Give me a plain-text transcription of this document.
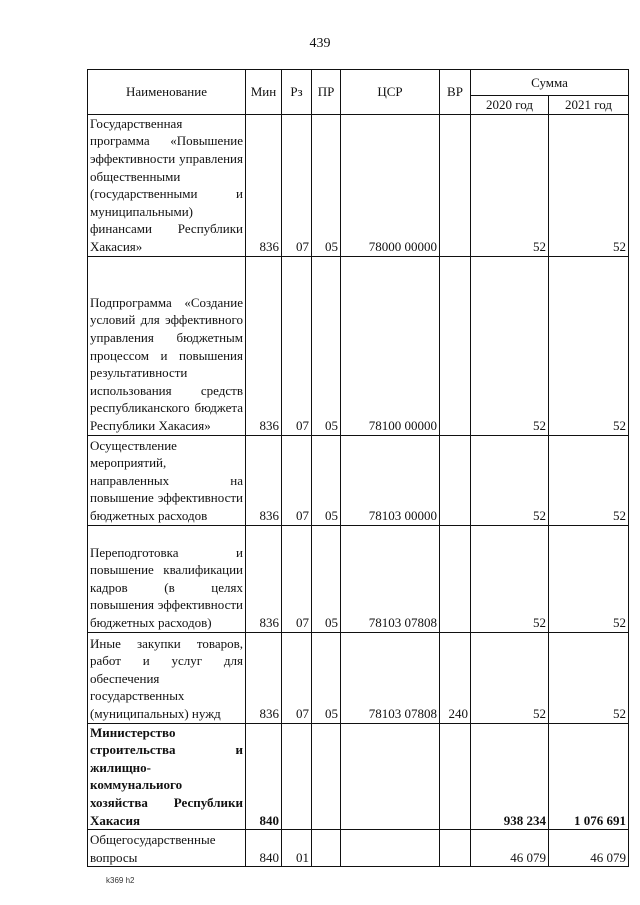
439
Наименование	Мин	Рз	ПР	ЦСР	ВР	Сумма	
						2020 год	2021 год
Государственная программа «Повышение эффективности управления общественными (государственными и муниципальными) финансами Республики Хакасия»	836	07	05	78000 00000		52	52
Подпрограмма «Создание условий для эффективного управления бюджетным процессом и повышения результативности использования средств республиканского бюджета Республики Хакасия»	836	07	05	78100 00000		52	52
Осуществление мероприятий, направленных на повышение эффективности бюджетных расходов	836	07	05	78103 00000		52	52
Переподготовка и повышение квалификации кадров (в целях повышения эффективности бюджетных расходов)	836	07	05	78103 07808		52	52
Иные закупки товаров, работ и услуг для обеспечения государственных (муниципальных) нужд	836	07	05	78103 07808	240	52	52
Министерство строительства и жилищно-коммунальиого хозяйства Республики Хакасия	840					938 234	1 076 691
Общегосударственные вопросы	840	01				46 079	46 079
k369 h2
